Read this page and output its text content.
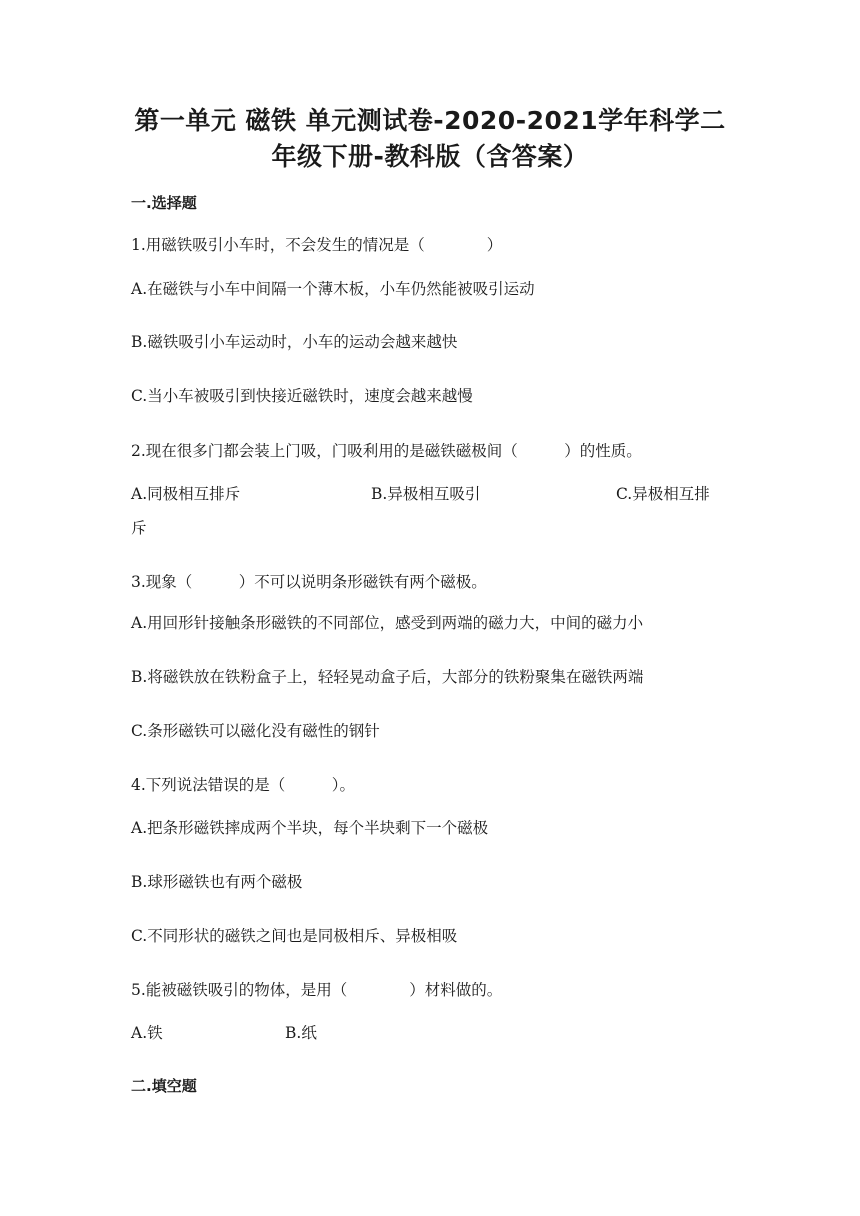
第一单元 磁铁 单元测试卷-2020-2021学年科学二
年级下册-教科版（含答案）
一.选择题
1.用磁铁吸引小车时，不会发生的情况是（　　　　）
A.在磁铁与小车中间隔一个薄木板，小车仍然能被吸引运动
B.磁铁吸引小车运动时，小车的运动会越来越快
C.当小车被吸引到快接近磁铁时，速度会越来越慢
2.现在很多门都会装上门吸，门吸利用的是磁铁磁极间（　　　）的性质。
A.同极相互排斥	B.异极相互吸引	C.异极相互排
斥
3.现象（　　　）不可以说明条形磁铁有两个磁极。
A.用回形针接触条形磁铁的不同部位，感受到两端的磁力大，中间的磁力小
B.将磁铁放在铁粉盒子上，轻轻晃动盒子后，大部分的铁粉聚集在磁铁两端
C.条形磁铁可以磁化没有磁性的钢针
4.下列说法错误的是（　　　）。
A.把条形磁铁摔成两个半块，每个半块剩下一个磁极
B.球形磁铁也有两个磁极
C.不同形状的磁铁之间也是同极相斥、异极相吸
5.能被磁铁吸引的物体，是用（　　　　）材料做的。
A.铁	B.纸
二.填空题
